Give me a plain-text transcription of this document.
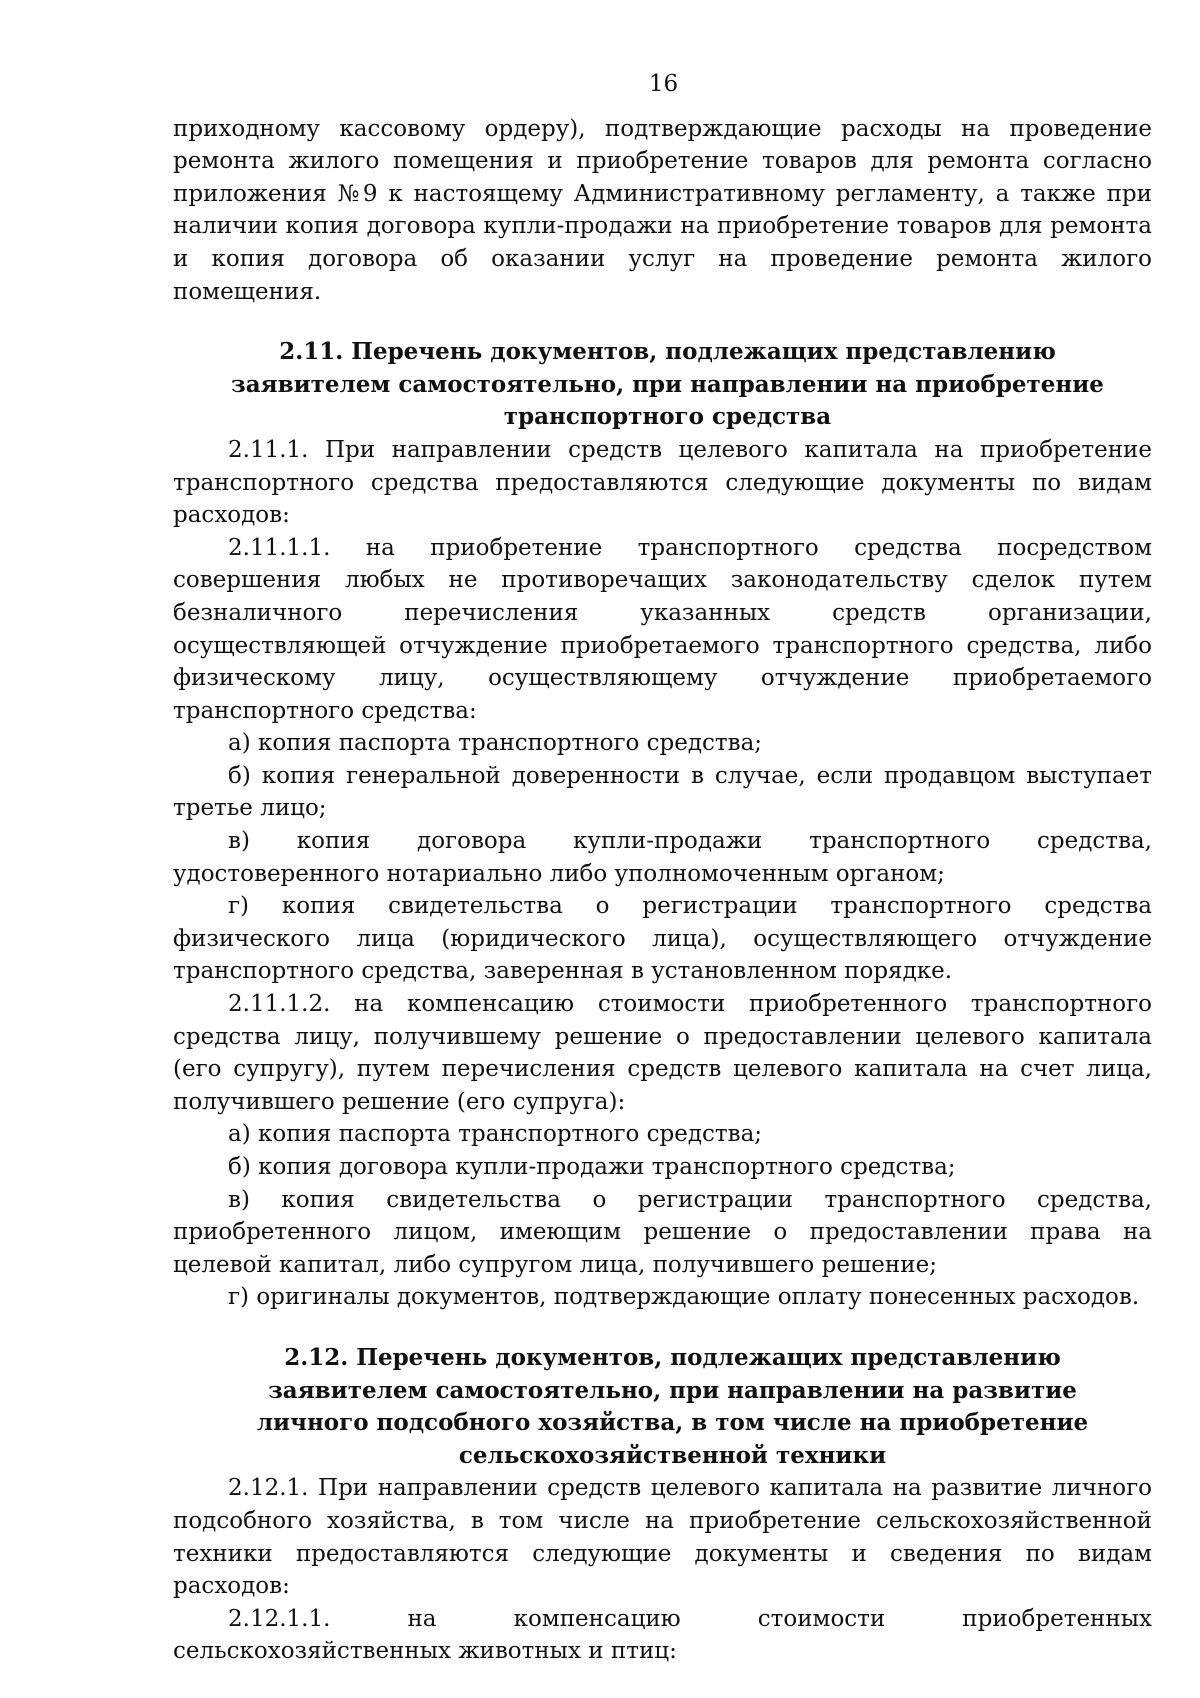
16

приходному кассовому ордеру), подтверждающие расходы на проведение ремонта жилого помещения и приобретение товаров для ремонта согласно приложения №9 к настоящему Административному регламенту, а также при наличии копия договора купли-продажи на приобретение товаров для ремонта и копия договора об оказании услуг на проведение ремонта жилого помещения.

2.11. Перечень документов, подлежащих представлению заявителем самостоятельно, при направлении на приобретение транспортного средства

2.11.1. При направлении средств целевого капитала на приобретение транспортного средства предоставляются следующие документы по видам расходов:

2.11.1.1. на приобретение транспортного средства посредством совершения любых не противоречащих законодательству сделок путем безналичного перечисления указанных средств организации, осуществляющей отчуждение приобретаемого транспортного средства, либо физическому лицу, осуществляющему отчуждение приобретаемого транспортного средства:

а) копия паспорта транспортного средства;

б) копия генеральной доверенности в случае, если продавцом выступает третье лицо;

в) копия договора купли-продажи транспортного средства, удостоверенного нотариально либо уполномоченным органом;

г) копия свидетельства о регистрации транспортного средства физического лица (юридического лица), осуществляющего отчуждение транспортного средства, заверенная в установленном порядке.

2.11.1.2. на компенсацию стоимости приобретенного транспортного средства лицу, получившему решение о предоставлении целевого капитала (его супругу), путем перечисления средств целевого капитала на счет лица, получившего решение (его супруга):

а) копия паспорта транспортного средства;

б) копия договора купли-продажи транспортного средства;

в) копия свидетельства о регистрации транспортного средства, приобретенного лицом, имеющим решение о предоставлении права на целевой капитал, либо супругом лица, получившего решение;

г) оригиналы документов, подтверждающие оплату понесенных расходов.

2.12. Перечень документов, подлежащих представлению заявителем самостоятельно, при направлении на развитие личного подсобного хозяйства, в том числе на приобретение сельскохозяйственной техники

2.12.1. При направлении средств целевого капитала на развитие личного подсобного хозяйства, в том числе на приобретение сельскохозяйственной техники предоставляются следующие документы и сведения по видам расходов:

2.12.1.1. на компенсацию стоимости приобретенных сельскохозяйственных животных и птиц:
